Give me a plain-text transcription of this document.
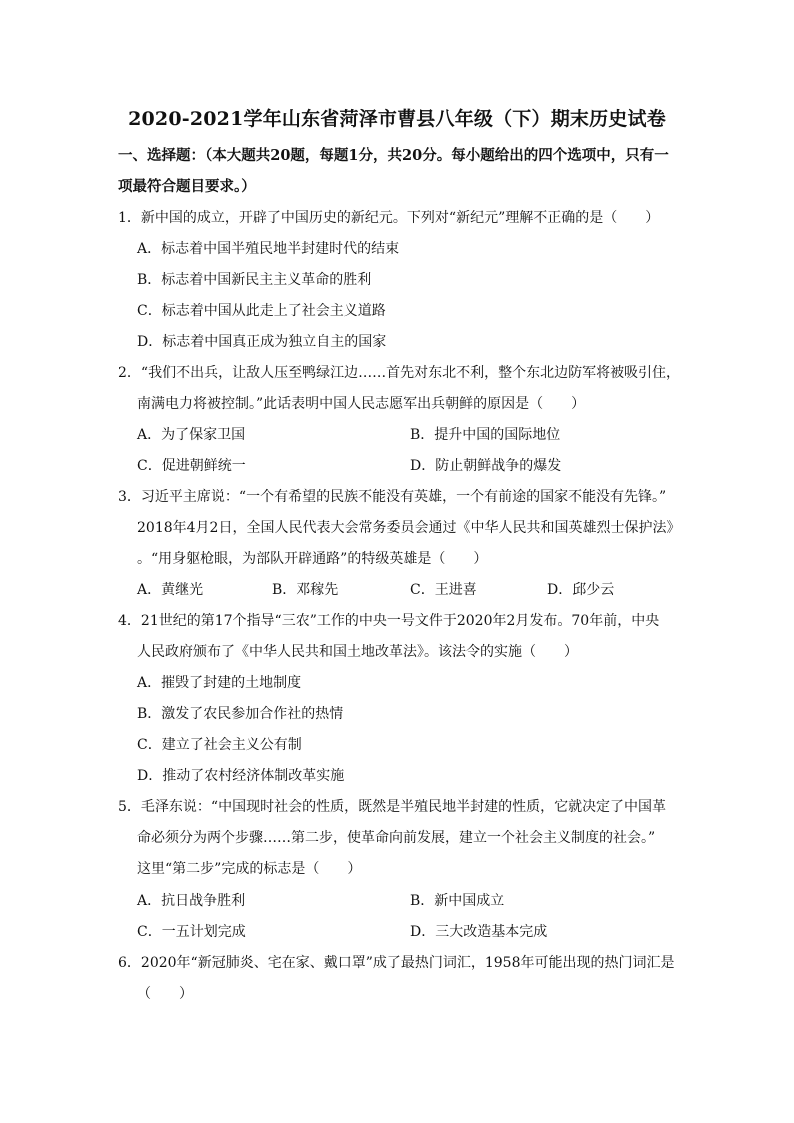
2020-2021学年山东省菏泽市曹县八年级（下）期末历史试卷
一、选择题：（本大题共20题，每题1分，共20分。每小题给出的四个选项中，只有一
项最符合题目要求。）
1．新中国的成立，开辟了中国历史的新纪元。下列对“新纪元”理解不正确的是（　　）
A．标志着中国半殖民地半封建时代的结束
B．标志着中国新民主主义革命的胜利
C．标志着中国从此走上了社会主义道路
D．标志着中国真正成为独立自主的国家
2．“我们不出兵，让敌人压至鸭绿江边……首先对东北不利，整个东北边防军将被吸引住，
南满电力将被控制。”此话表明中国人民志愿军出兵朝鲜的原因是（　　）
A．为了保家卫国	B．提升中国的国际地位
C．促进朝鲜统一	D．防止朝鲜战争的爆发
3．习近平主席说：“一个有希望的民族不能没有英雄，一个有前途的国家不能没有先锋。”
2018年4月2日，全国人民代表大会常务委员会通过《中华人民共和国英雄烈士保护法》
。“用身躯枪眼，为部队开辟通路”的特级英雄是（　　）
A．黄继光	B．邓稼先	C．王进喜	D．邱少云
4．21世纪的第17个指导“三农”工作的中央一号文件于2020年2月发布。70年前，中央
人民政府颁布了《中华人民共和国土地改革法》。该法令的实施（　　）
A．摧毁了封建的土地制度
B．激发了农民参加合作社的热情
C．建立了社会主义公有制
D．推动了农村经济体制改革实施
5．毛泽东说：“中国现时社会的性质，既然是半殖民地半封建的性质，它就决定了中国革
命必须分为两个步骤……第二步，使革命向前发展，建立一个社会主义制度的社会。”
这里“第二步”完成的标志是（　　）
A．抗日战争胜利	B．新中国成立
C．一五计划完成	D．三大改造基本完成
6．2020年“新冠肺炎、宅在家、戴口罩”成了最热门词汇，1958年可能出现的热门词汇是
（　　）
